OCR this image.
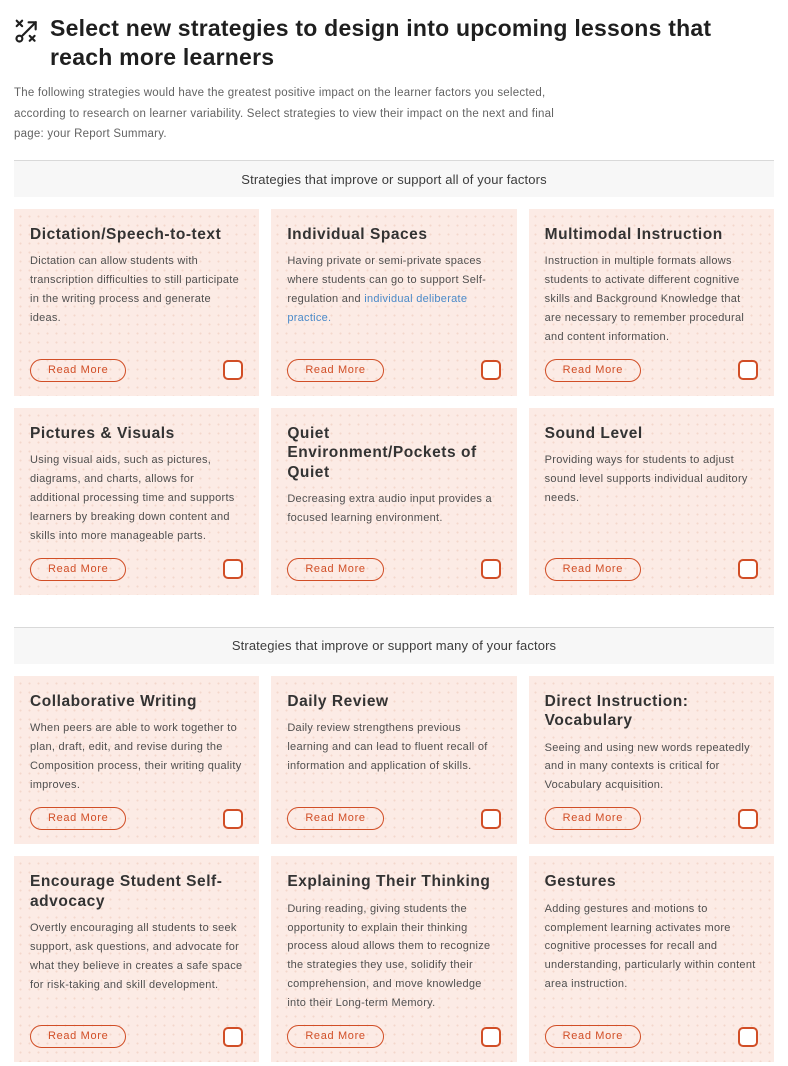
Select new strategies to design into upcoming lessons that reach more learners

The following strategies would have the greatest positive impact on the learner factors you selected, according to research on learner variability. Select strategies to view their impact on the next and final page: your Report Summary.

Strategies that improve or support all of your factors
Dictation/Speech-to-text

Dictation can allow students with transcription difficulties to still participate in the writing process and generate ideas.

Read More
Individual Spaces

Having private or semi-private spaces where students can go to support Self-regulation and individual deliberate practice.

Read More
Multimodal Instruction

Instruction in multiple formats allows students to activate different cognitive skills and Background Knowledge that are necessary to remember procedural and content information.

Read More
Pictures & Visuals

Using visual aids, such as pictures, diagrams, and charts, allows for additional processing time and supports learners by breaking down content and skills into more manageable parts.

Read More
Quiet Environment/Pockets of Quiet

Decreasing extra audio input provides a focused learning environment.

Read More
Sound Level

Providing ways for students to adjust sound level supports individual auditory needs.

Read More
Strategies that improve or support many of your factors
Collaborative Writing

When peers are able to work together to plan, draft, edit, and revise during the Composition process, their writing quality improves.

Read More
Daily Review

Daily review strengthens previous learning and can lead to fluent recall of information and application of skills.

Read More
Direct Instruction: Vocabulary

Seeing and using new words repeatedly and in many contexts is critical for Vocabulary acquisition.

Read More
Encourage Student Self-advocacy

Overtly encouraging all students to seek support, ask questions, and advocate for what they believe in creates a safe space for risk-taking and skill development.

Read More
Explaining Their Thinking

During reading, giving students the opportunity to explain their thinking process aloud allows them to recognize the strategies they use, solidify their comprehension, and move knowledge into their Long-term Memory.

Read More
Gestures

Adding gestures and motions to complement learning activates more cognitive processes for recall and understanding, particularly within content area instruction.

Read More
